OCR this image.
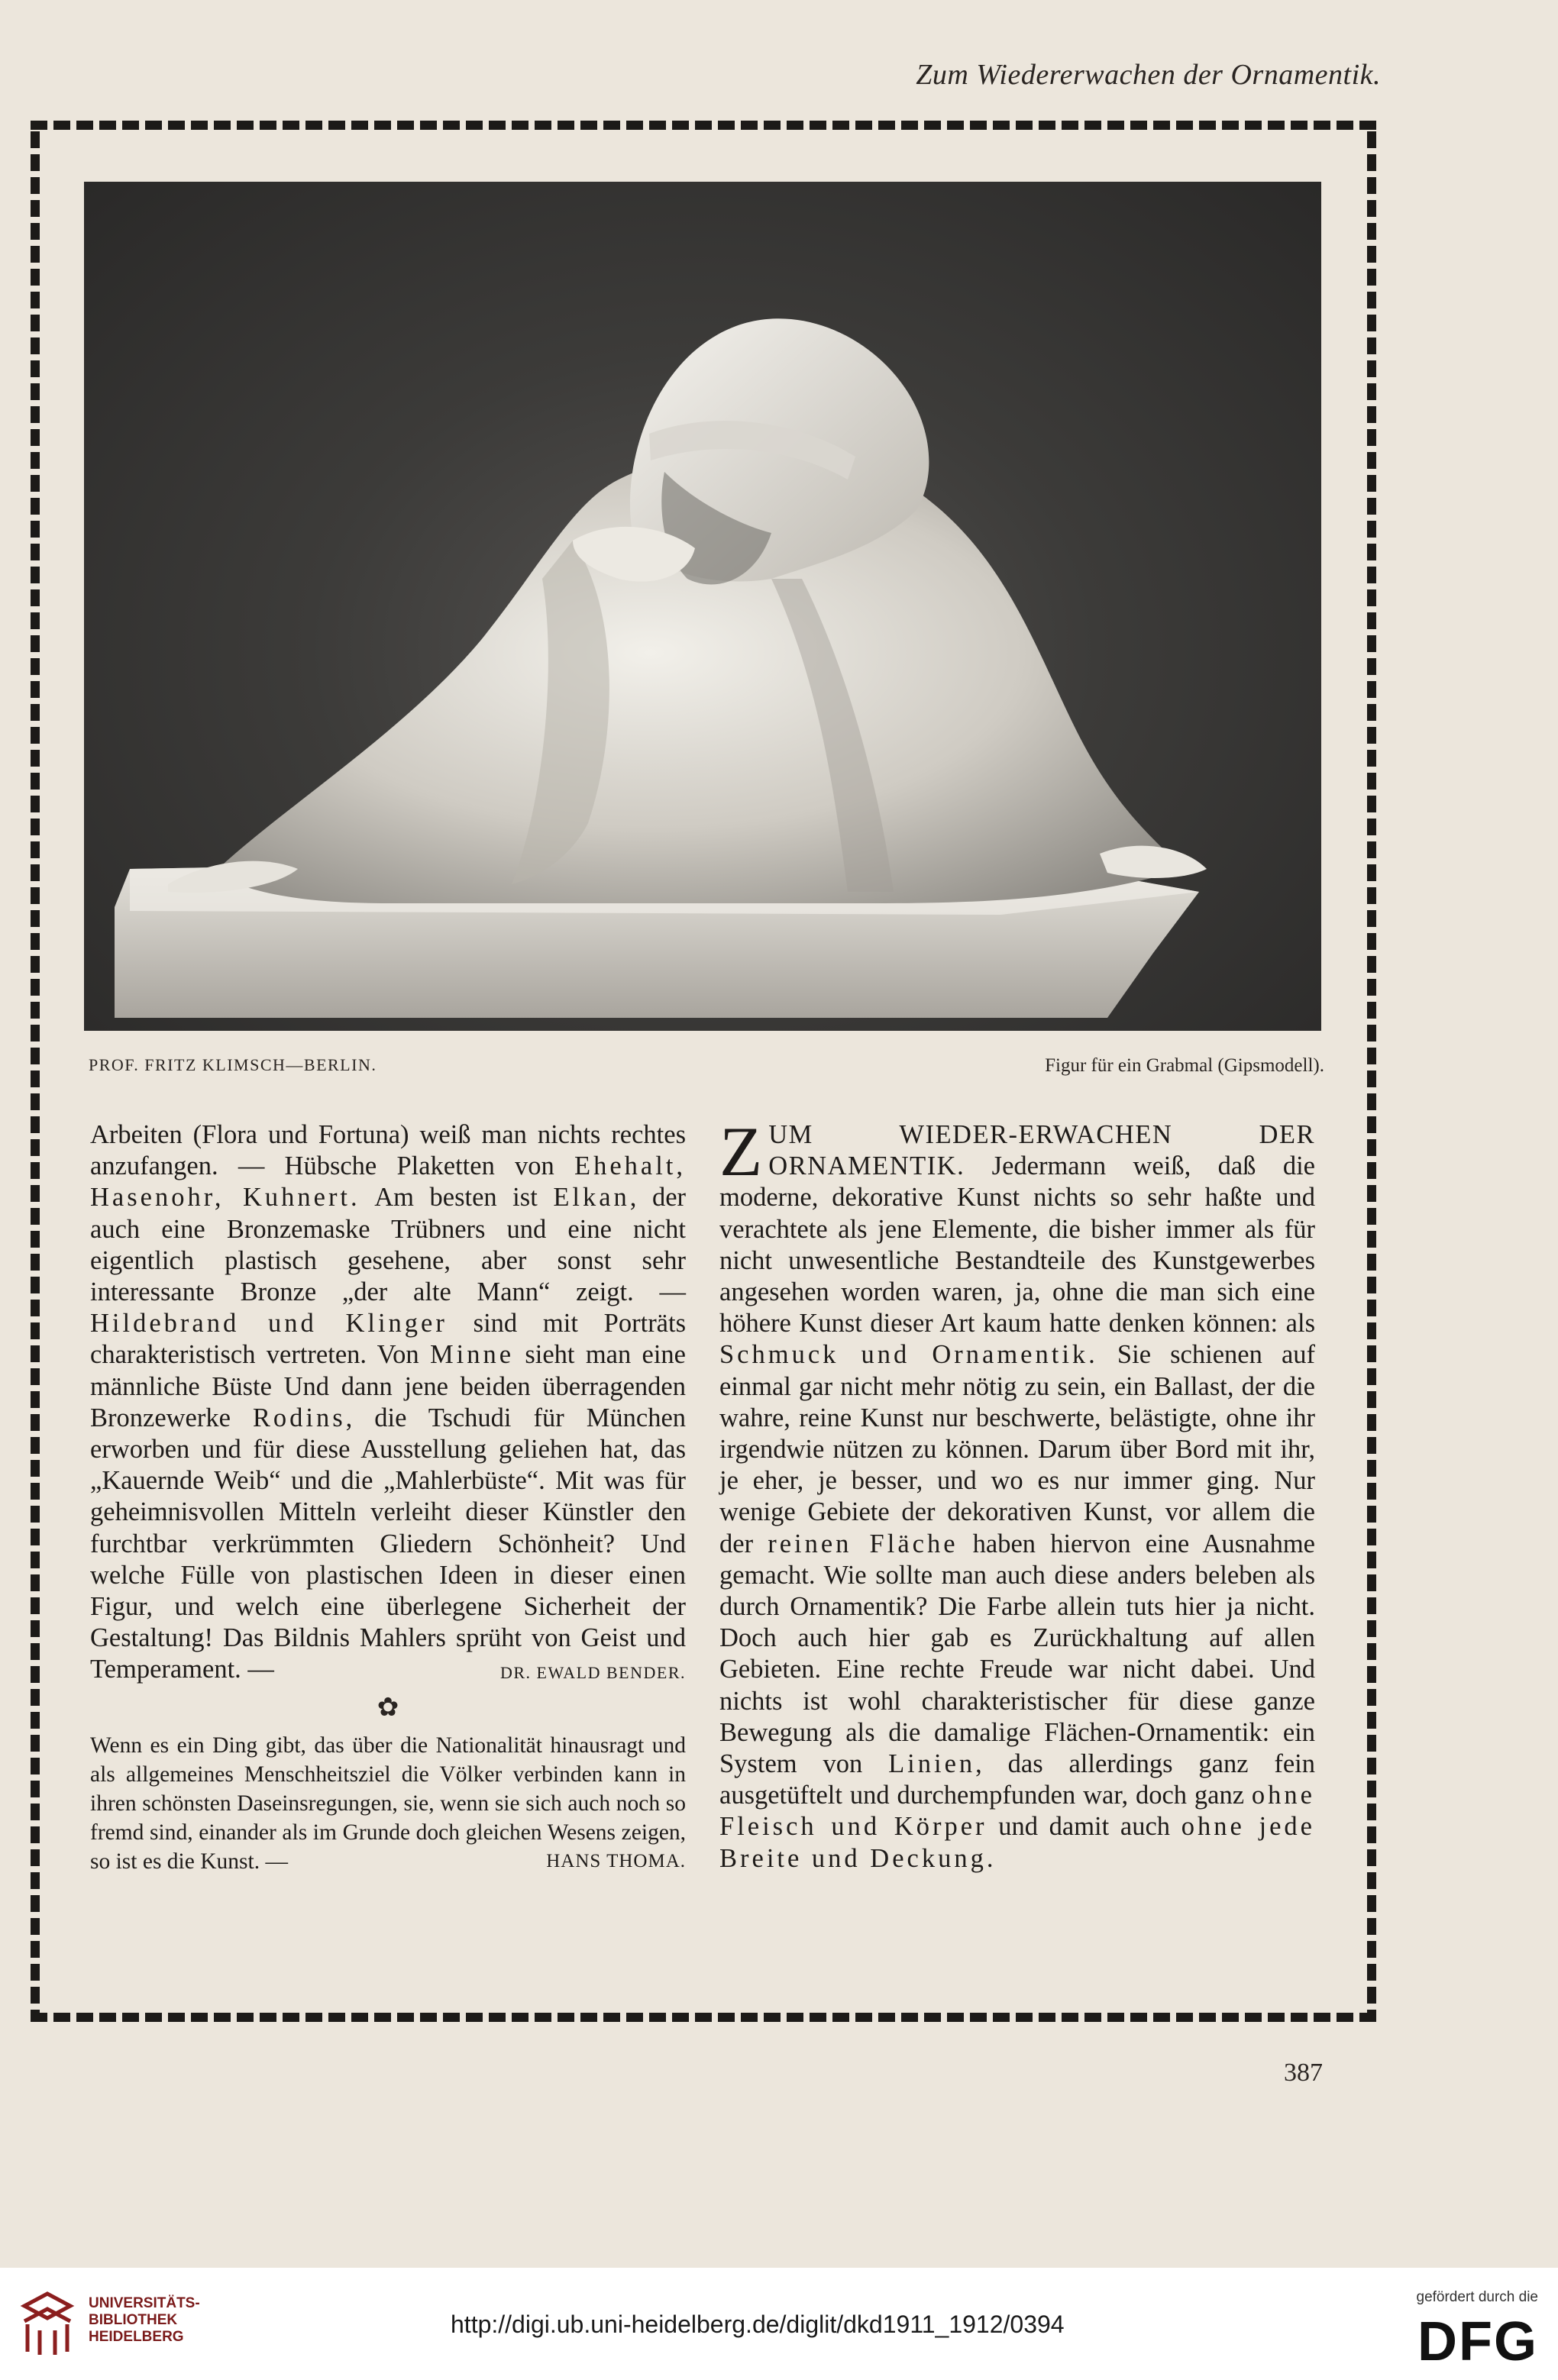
Zum Wiedererwachen der Ornamentik.
PROF. FRITZ KLIMSCH—BERLIN.	Figur für ein Grabmal (Gipsmodell).

Arbeiten (Flora und Fortuna) weiß man nichts rechtes anzufangen. — Hübsche Plaketten von Ehehalt, Hasenohr, Kuhnert. Am besten ist Elkan, der auch eine Bronzemaske Trübners und eine nicht eigentlich plastisch gesehene, aber sonst sehr interessante Bronze „der alte Mann“ zeigt. — Hildebrand und Klinger sind mit Porträts charakteristisch vertreten. Von Minne sieht man eine männliche Büste Und dann jene beiden überragenden Bronzewerke Rodins, die Tschudi für München erworben und für diese Ausstellung geliehen hat, das „Kauernde Weib“ und die „Mahlerbüste“. Mit was für geheimnisvollen Mitteln verleiht dieser Künstler den furchtbar verkrümmten Gliedern Schönheit? Und welche Fülle von plastischen Ideen in dieser einen Figur, und welch eine überlegene Sicherheit der Gestaltung! Das Bildnis Mahlers sprüht von Geist und Temperament. —	DR. EWALD BENDER.

✿

Wenn es ein Ding gibt, das über die Nationalität hinausragt und als allgemeines Menschheitsziel die Völker verbinden kann in ihren schönsten Daseinsregungen, sie, wenn sie sich auch noch so fremd sind, einander als im Grunde doch gleichen Wesens zeigen, so ist es die Kunst. —	HANS THOMA.

ZUM WIEDER-ERWACHEN DER ORNAMENTIK. Jedermann weiß, daß die moderne, dekorative Kunst nichts so sehr haßte und verachtete als jene Elemente, die bisher immer als für nicht unwesentliche Bestandteile des Kunstgewerbes angesehen worden waren, ja, ohne die man sich eine höhere Kunst dieser Art kaum hatte denken können: als Schmuck und Ornamentik. Sie schienen auf einmal gar nicht mehr nötig zu sein, ein Ballast, der die wahre, reine Kunst nur beschwerte, belästigte, ohne ihr irgendwie nützen zu können. Darum über Bord mit ihr, je eher, je besser, und wo es nur immer ging. Nur wenige Gebiete der dekorativen Kunst, vor allem die der reinen Fläche haben hiervon eine Ausnahme gemacht. Wie sollte man auch diese anders beleben als durch Ornamentik? Die Farbe allein tuts hier ja nicht. Doch auch hier gab es Zurückhaltung auf allen Gebieten. Eine rechte Freude war nicht dabei. Und nichts ist wohl charakteristischer für diese ganze Bewegung als die damalige Flächen-Ornamentik: ein System von Linien, das allerdings ganz fein ausgetüftelt und durchempfunden war, doch ganz ohne Fleisch und Körper und damit auch ohne jede Breite und Deckung.

387
UNIVERSITÄTS-
BIBLIOTHEK
HEIDELBERG	http://digi.ub.uni-heidelberg.de/diglit/dkd1911_1912/0394
gefördert durch die
DFG
